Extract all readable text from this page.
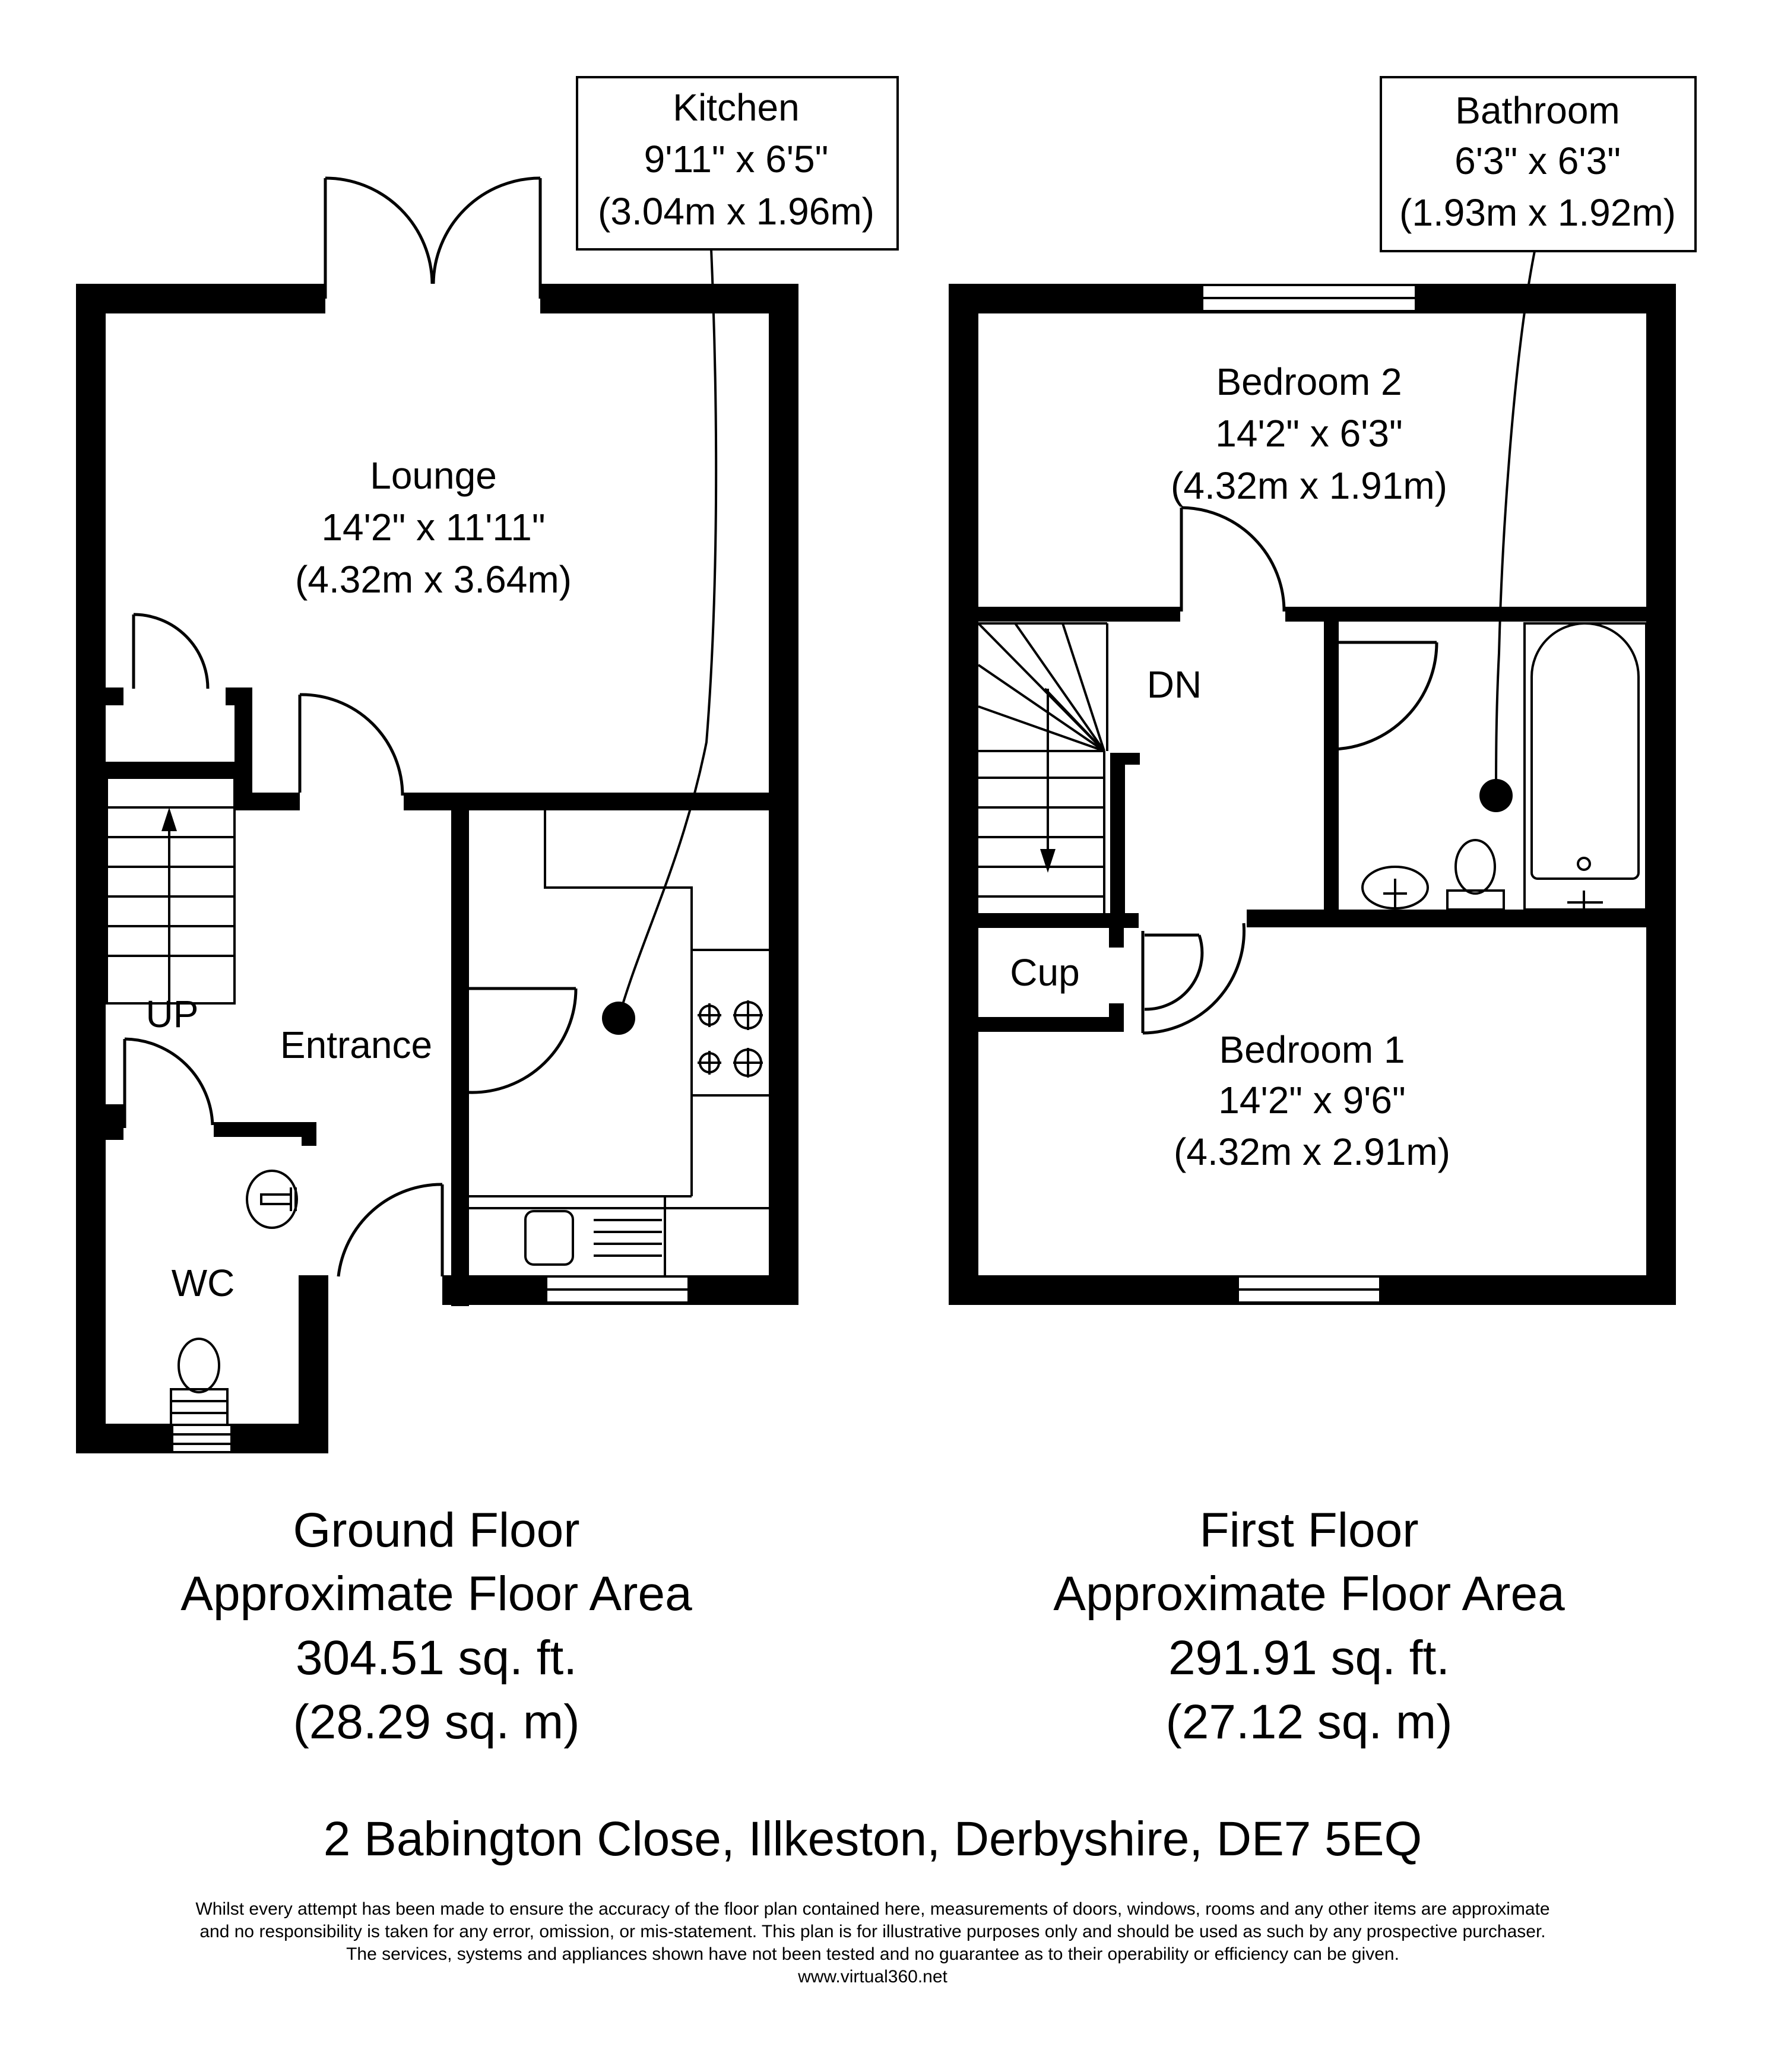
Kitchen
9'11" x 6'5"
(3.04m x 1.96m)
Lounge
14'2" x 11'11"
(4.32m x 3.64m)
Entrance
WC
UP
Bathroom
6'3" x 6'3"
(1.93m x 1.92m)
Bedroom 2
14'2" x 6'3"
(4.32m x 1.91m)
DN
Cup
Bedroom 1
14'2" x 9'6"
(4.32m x 2.91m)
Ground Floor
Approximate Floor Area
304.51 sq. ft.
(28.29 sq. m)
First Floor
Approximate Floor Area
291.91 sq. ft.
(27.12 sq. m)
2 Babington Close, Illkeston, Derbyshire, DE7 5EQ
Whilst every attempt has been made to ensure the accuracy of the floor plan contained here, measurements of doors, windows, rooms and any other items are approximate
and no responsibility is taken for any error, omission, or mis-statement. This plan is for illustrative purposes only and should be used as such by any prospective purchaser.
The services, systems and appliances shown have not been tested and no guarantee as to their operability or efficiency can be given.
www.virtual360.net
